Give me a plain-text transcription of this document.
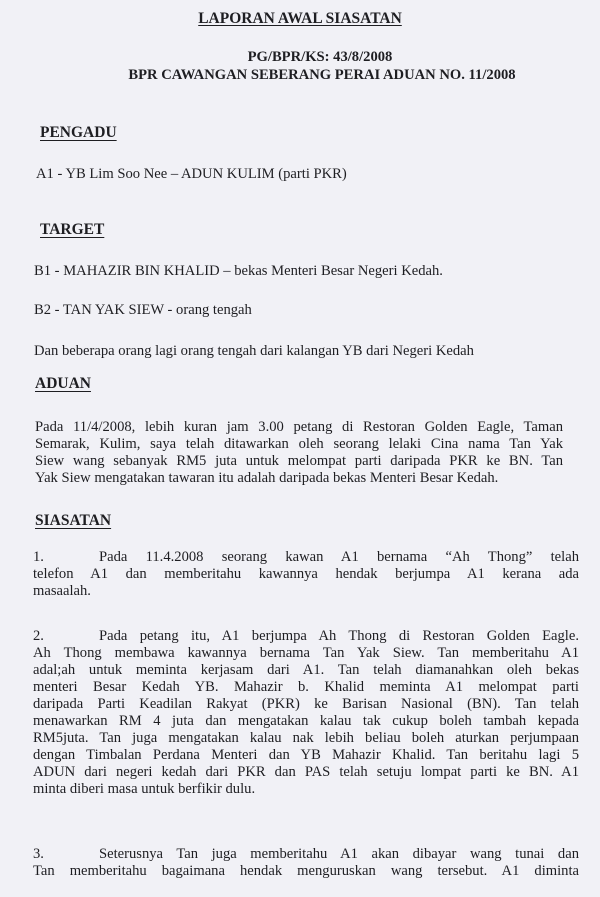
LAPORAN AWAL SIASATAN
PG/BPR/KS: 43/8/2008
BPR CAWANGAN SEBERANG PERAI ADUAN NO. 11/2008
PENGADU
A1 - YB Lim Soo Nee – ADUN KULIM (parti PKR)
TARGET
B1 - MAHAZIR BIN KHALID – bekas Menteri Besar Negeri Kedah.
B2 - TAN YAK SIEW - orang tengah
Dan beberapa orang lagi orang tengah dari kalangan YB dari Negeri Kedah
ADUAN
Pada 11/4/2008, lebih kuran jam 3.00 petang di Restoran Golden Eagle, Taman
Semarak, Kulim, saya telah ditawarkan oleh seorang lelaki Cina nama Tan Yak
Siew wang sebanyak RM5 juta untuk melompat parti daripada PKR ke BN. Tan
Yak Siew mengatakan tawaran itu adalah daripada bekas Menteri Besar Kedah.
SIASATAN
1.	Pada 11.4.2008 seorang kawan A1 bernama “Ah Thong” telah
telefon A1 dan memberitahu kawannya hendak berjumpa A1 kerana ada
masaalah.
2.	Pada petang itu, A1 berjumpa Ah Thong di Restoran Golden Eagle.
Ah Thong membawa kawannya bernama Tan Yak Siew. Tan memberitahu A1
adal;ah untuk meminta kerjasam dari A1. Tan telah diamanahkan oleh bekas
menteri Besar Kedah YB. Mahazir b. Khalid meminta A1 melompat parti
daripada Parti Keadilan Rakyat (PKR) ke Barisan Nasional (BN). Tan telah
menawarkan RM 4 juta dan mengatakan kalau tak cukup boleh tambah kepada
RM5juta. Tan juga mengatakan kalau nak lebih beliau boleh aturkan perjumpaan
dengan Timbalan Perdana Menteri dan YB Mahazir Khalid. Tan beritahu lagi 5
ADUN dari negeri kedah dari PKR dan PAS telah setuju lompat parti ke BN. A1
minta diberi masa untuk berfikir dulu.
3.	Seterusnya Tan juga memberitahu A1 akan dibayar wang tunai dan
Tan memberitahu bagaimana hendak menguruskan wang tersebut. A1 diminta
